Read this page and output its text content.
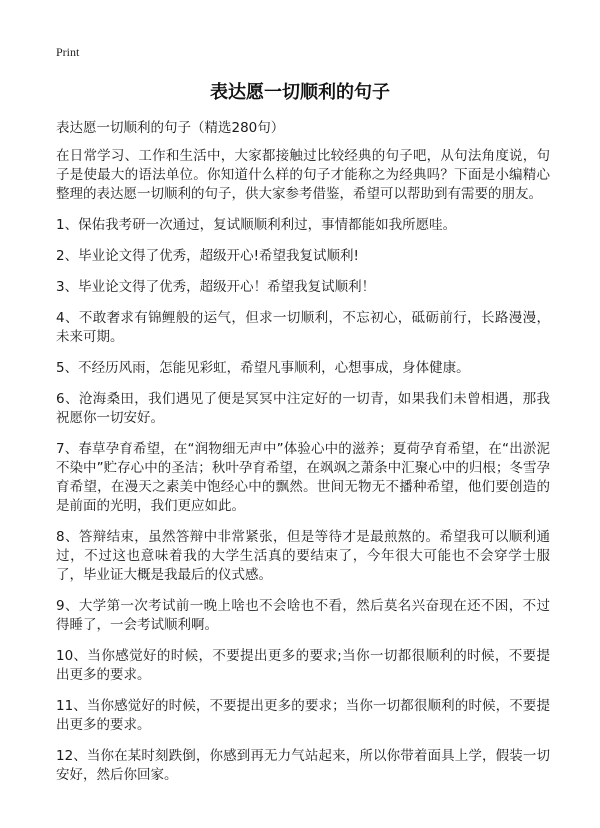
Print
表达愿一切顺利的句子

表达愿一切顺利的句子（精选280句）

在日常学习、工作和生活中，大家都接触过比较经典的句子吧，从句法角度说，句子是使最大的语法单位。你知道什么样的句子才能称之为经典吗？下面是小编精心整理的表达愿一切顺利的句子，供大家参考借鉴，希望可以帮助到有需要的朋友。

1、保佑我考研一次通过，复试顺顺利利过，事情都能如我所愿哇。

2、毕业论文得了优秀，超级开心!希望我复试顺利!

3、毕业论文得了优秀，超级开心！希望我复试顺利！

4、不敢奢求有锦鲤般的运气，但求一切顺利，不忘初心，砥砺前行，长路漫漫，未来可期。

5、不经历风雨，怎能见彩虹，希望凡事顺利，心想事成，身体健康。

6、沧海桑田，我们遇见了便是冥冥中注定好的一切青，如果我们未曾相遇，那我祝愿你一切安好。

7、春草孕育希望，在“润物细无声中”体验心中的滋养；夏荷孕育希望，在“出淤泥不染中”贮存心中的圣洁；秋叶孕育希望，在飒飒之萧条中汇聚心中的归根；冬雪孕育希望，在漫天之素美中饱经心中的飘然。世间无物无不播种希望，他们要创造的是前面的光明，我们更应如此。

8、答辩结束，虽然答辩中非常紧张，但是等待才是最煎熬的。希望我可以顺利通过，不过这也意味着我的大学生活真的要结束了，今年很大可能也不会穿学士服了，毕业证大概是我最后的仪式感。

9、大学第一次考试前一晚上啥也不会啥也不看，然后莫名兴奋现在还不困，不过得睡了，一会考试顺利啊。

10、当你感觉好的时候，不要提出更多的要求;当你一切都很顺利的时候，不要提出更多的要求。

11、当你感觉好的时候，不要提出更多的要求；当你一切都很顺利的时候，不要提出更多的要求。

12、当你在某时刻跌倒，你感到再无力气站起来，所以你带着面具上学，假装一切安好，然后你回家。
